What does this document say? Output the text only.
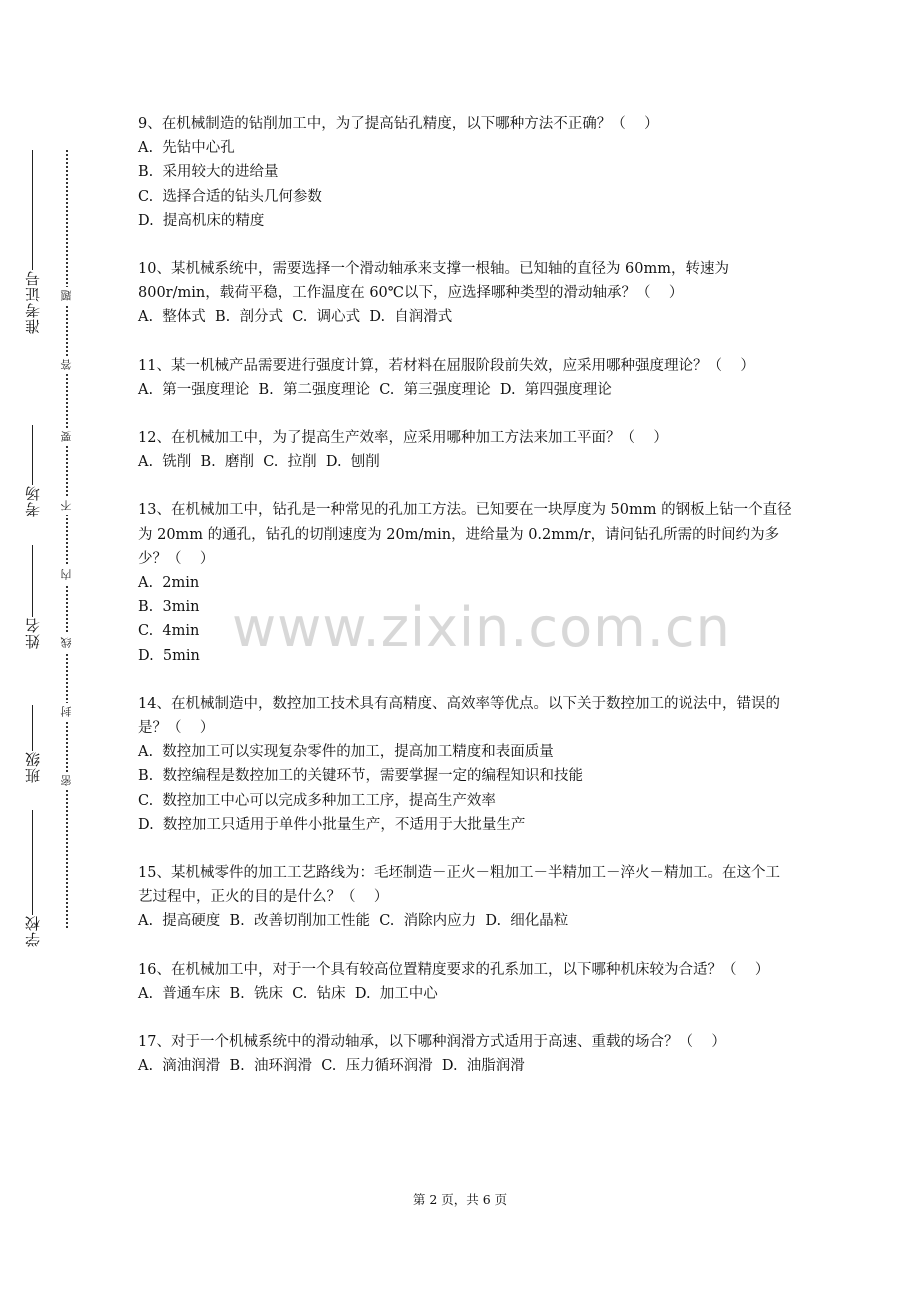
准考证号
考场
姓名
班级
学校
密
封
线
内
不
要
答
题
9、在机械制造的钻削加工中，为了提高钻孔精度，以下哪种方法不正确？（    ）
A.  先钻中心孔
B.  采用较大的进给量
C.  选择合适的钻头几何参数
D.  提高机床的精度
10、某机械系统中，需要选择一个滑动轴承来支撑一根轴。已知轴的直径为 60mm，转速为 800r/min，载荷平稳，工作温度在 60℃以下，应选择哪种类型的滑动轴承？（    ）
A.  整体式  B.  剖分式  C.  调心式  D.  自润滑式
11、某一机械产品需要进行强度计算，若材料在屈服阶段前失效，应采用哪种强度理论？（    ）
A.  第一强度理论  B.  第二强度理论  C.  第三强度理论  D.  第四强度理论
12、在机械加工中，为了提高生产效率，应采用哪种加工方法来加工平面？（    ）
A.  铣削  B.  磨削  C.  拉削  D.  刨削
13、在机械加工中，钻孔是一种常见的孔加工方法。已知要在一块厚度为 50mm 的钢板上钻一个直径为 20mm 的通孔，钻孔的切削速度为 20m/min，进给量为 0.2mm/r，请问钻孔所需的时间约为多少？（    ）
A.  2min
B.  3min
C.  4min
D.  5min
14、在机械制造中，数控加工技术具有高精度、高效率等优点。以下关于数控加工的说法中，错误的是？（    ）
A.  数控加工可以实现复杂零件的加工，提高加工精度和表面质量
B.  数控编程是数控加工的关键环节，需要掌握一定的编程知识和技能
C.  数控加工中心可以完成多种加工工序，提高生产效率
D.  数控加工只适用于单件小批量生产，不适用于大批量生产
15、某机械零件的加工工艺路线为：毛坯制造－正火－粗加工－半精加工－淬火－精加工。在这个工艺过程中，正火的目的是什么？（    ）
A.  提高硬度  B.  改善切削加工性能  C.  消除内应力  D.  细化晶粒
16、在机械加工中，对于一个具有较高位置精度要求的孔系加工，以下哪种机床较为合适？（    ）
A.  普通车床  B.  铣床  C.  钻床  D.  加工中心
17、对于一个机械系统中的滑动轴承，以下哪种润滑方式适用于高速、重载的场合？（    ）
A.  滴油润滑  B.  油环润滑  C.  压力循环润滑  D.  油脂润滑
www.zixin.com.cn
第 2 页，共 6 页
